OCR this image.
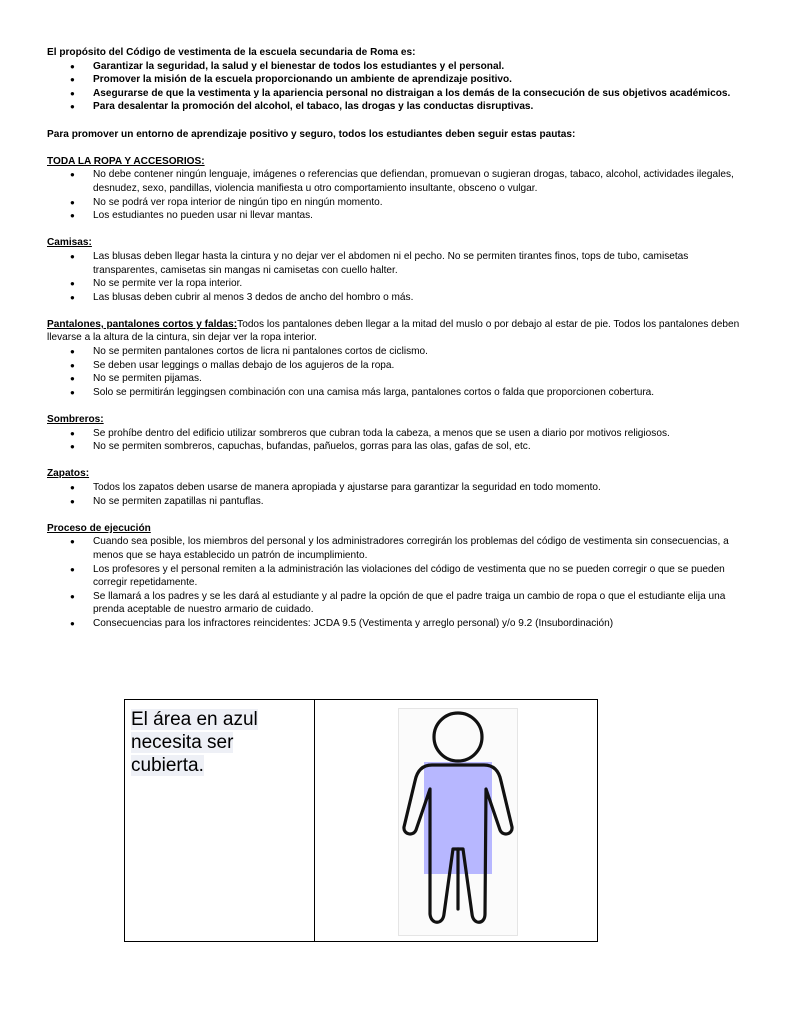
El propósito del Código de vestimenta de la escuela secundaria de Roma es:

● Garantizar la seguridad, la salud y el bienestar de todos los estudiantes y el personal.
● Promover la misión de la escuela proporcionando un ambiente de aprendizaje positivo.
● Asegurarse de que la vestimenta y la apariencia personal no distraigan a los demás de la consecución de sus objetivos académicos.
● Para desalentar la promoción del alcohol, el tabaco, las drogas y las conductas disruptivas.

Para promover un entorno de aprendizaje positivo y seguro, todos los estudiantes deben seguir estas pautas:

TODA LA ROPA Y ACCESORIOS:
● No debe contener ningún lenguaje, imágenes o referencias que defiendan, promuevan o sugieran drogas, tabaco, alcohol, actividades ilegales, desnudez, sexo, pandillas, violencia manifiesta u otro comportamiento insultante, obsceno o vulgar.
● No se podrá ver ropa interior de ningún tipo en ningún momento.
● Los estudiantes no pueden usar ni llevar mantas.
Camisas:
● Las blusas deben llegar hasta la cintura y no dejar ver el abdomen ni el pecho. No se permiten tirantes finos, tops de tubo, camisetas transparentes, camisetas sin mangas ni camisetas con cuello halter.
● No se permite ver la ropa interior.
● Las blusas deben cubrir al menos 3 dedos de ancho del hombro o más.

Pantalones, pantalones cortos y faldas:Todos los pantalones deben llegar a la mitad del muslo o por debajo al estar de pie. Todos los pantalones deben llevarse a la altura de la cintura, sin dejar ver la ropa interior.

● No se permiten pantalones cortos de licra ni pantalones cortos de ciclismo.
● Se deben usar leggings o mallas debajo de los agujeros de la ropa.
● No se permiten pijamas.
● Solo se permitirán leggingsen combinación con una camisa más larga, pantalones cortos o falda que proporcionen cobertura.
Sombreros:
● Se prohíbe dentro del edificio utilizar sombreros que cubran toda la cabeza, a menos que se usen a diario por motivos religiosos.
● No se permiten sombreros, capuchas, bufandas, pañuelos, gorras para las olas, gafas de sol, etc.
Zapatos:
● Todos los zapatos deben usarse de manera apropiada y ajustarse para garantizar la seguridad en todo momento.
● No se permiten zapatillas ni pantuflas.
Proceso de ejecución
● Cuando sea posible, los miembros del personal y los administradores corregirán los problemas del código de vestimenta sin consecuencias, a menos que se haya establecido un patrón de incumplimiento.
● Los profesores y el personal remiten a la administración las violaciones del código de vestimenta que no se pueden corregir o que se pueden corregir repetidamente.
● Se llamará a los padres y se les dará al estudiante y al padre la opción de que el padre traiga un cambio de ropa o que el estudiante elija una prenda aceptable de nuestro armario de cuidado.
● Consecuencias para los infractores reincidentes: JCDA 9.5 (Vestimenta y arreglo personal) y/o 9.2 (Insubordinación)
El área en azul necesita ser cubierta.
